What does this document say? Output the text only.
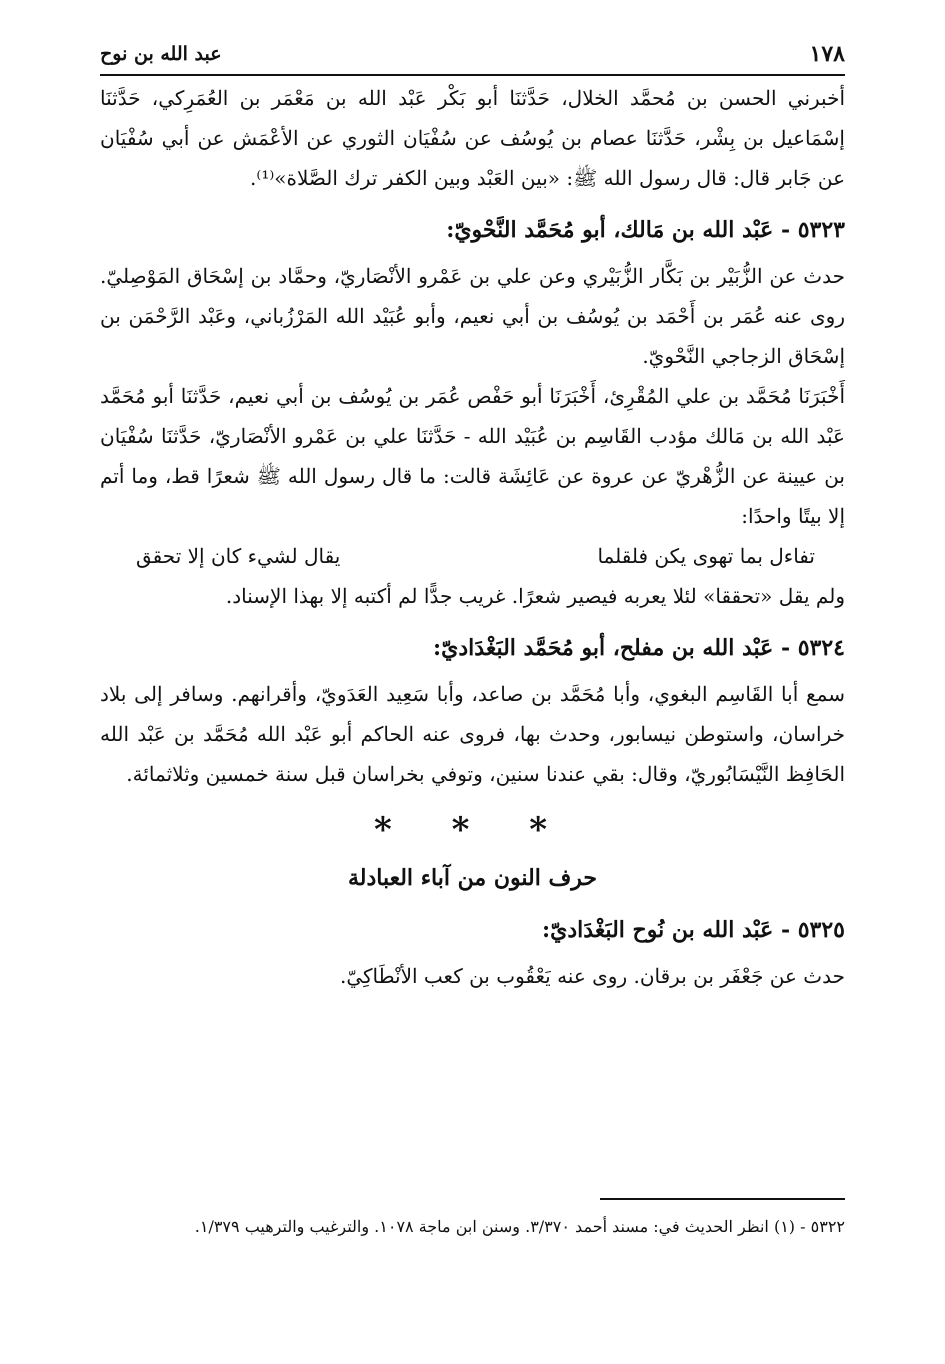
١٧٨
عبد الله بن نوح

أخبرني الحسن بن مُحمَّد الخلال، حَدَّثنَا أبو بَكْر عَبْد الله بن مَعْمَر بن العُمَرِكي، حَدَّثنَا إسْمَاعيل بن بِشْر، حَدَّثنَا عصام بن يُوسُف عن سُفْيَان الثوري عن الأعْمَش عن أبي سُفْيَان عن جَابر قال: قال رسول الله ﷺ: «بين العَبْد وبين الكفر ترك الصَّلاة»⁽¹⁾.

٥٣٢٣ - عَبْد الله بن مَالك، أبو مُحَمَّد النَّحْويّ:

حدث عن الزُّبَيْر بن بَكَّار الزُّبَيْري وعن علي بن عَمْرو الأنْصَاريّ، وحمَّاد بن إسْحَاق المَوْصِليّ. روى عنه عُمَر بن أَحْمَد بن يُوسُف بن أبي نعيم، وأبو عُبَيْد الله المَرْزُباني، وعَبْد الرَّحْمَن بن إسْحَاق الزجاجي النَّحْويّ.

أَخْبَرَنَا مُحَمَّد بن علي المُقْرِئ، أَخْبَرَنَا أبو حَفْص عُمَر بن يُوسُف بن أبي نعيم، حَدَّثنَا أبو مُحَمَّد عَبْد الله بن مَالك مؤدب القَاسِم بن عُبَيْد الله - حَدَّثنَا علي بن عَمْرو الأنْصَاريّ، حَدَّثنَا سُفْيَان بن عيينة عن الزُّهْريّ عن عروة عن عَائِشَة قالت: ما قال رسول الله ﷺ شعرًا قط، وما أتم إلا بيتًا واحدًا:

تفاءل بما تهوى يكن فلقلما
يقال لشيء كان إلا تحقق

ولم يقل «تحققا» لئلا يعربه فيصير شعرًا. غريب جدًّا لم أكتبه إلا بهذا الإسناد.

٥٣٢٤ - عَبْد الله بن مفلح، أبو مُحَمَّد البَغْدَاديّ:

سمع أبا القَاسِم البغوي، وأبا مُحَمَّد بن صاعد، وأبا سَعِيد العَدَويّ، وأقرانهم. وسافر إلى بلاد خراسان، واستوطن نيسابور، وحدث بها، فروى عنه الحاكم أبو عَبْد الله مُحَمَّد بن عَبْد الله الحَافِظ النَّيْسَابُوريّ، وقال: بقي عندنا سنين، وتوفي بخراسان قبل سنة خمسين وثلاثمائة.

* * *
حرف النون من آباء العبادلة
٥٣٢٥ - عَبْد الله بن نُوح البَغْدَاديّ:

حدث عن جَعْفَر بن برقان. روى عنه يَعْقُوب بن كعب الأنْطَاكِيّ.

٥٣٢٢ - (١) انظر الحديث في: مسند أحمد ٣/٣٧٠. وسنن ابن ماجة ١٠٧٨. والترغيب والترهيب ١/٣٧٩.
